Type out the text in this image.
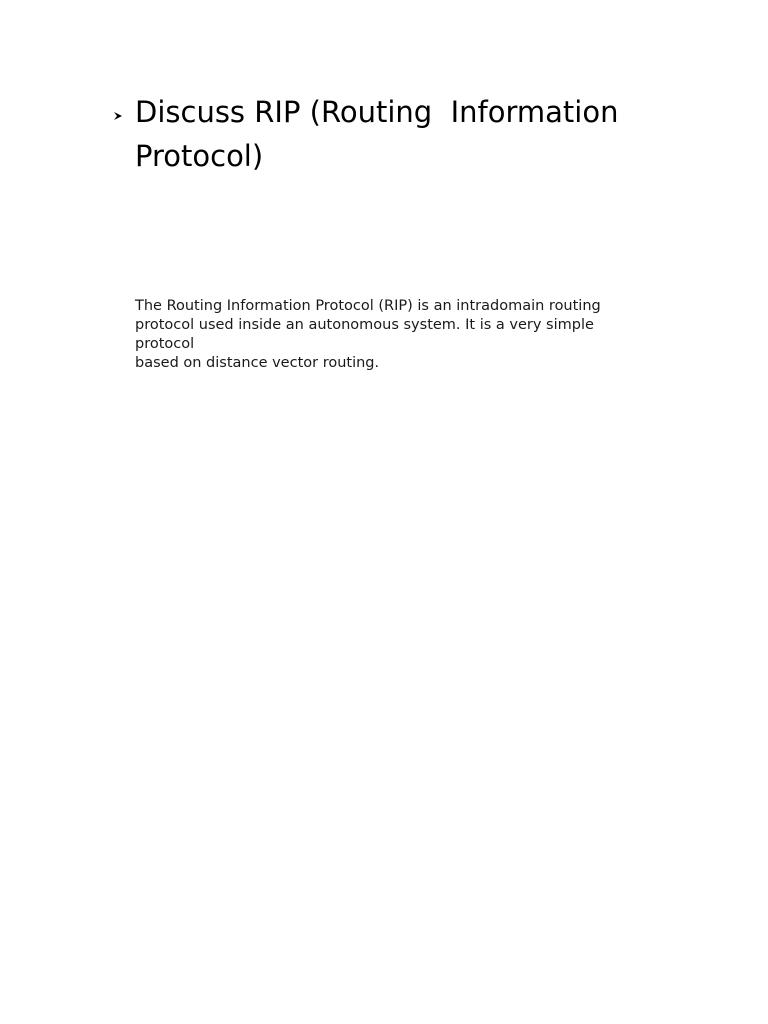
Discuss RIP (Routing  Information
Protocol)
The Routing Information Protocol (RIP) is an intradomain routing
protocol used inside an autonomous system. It is a very simple
protocol
based on distance vector routing.
